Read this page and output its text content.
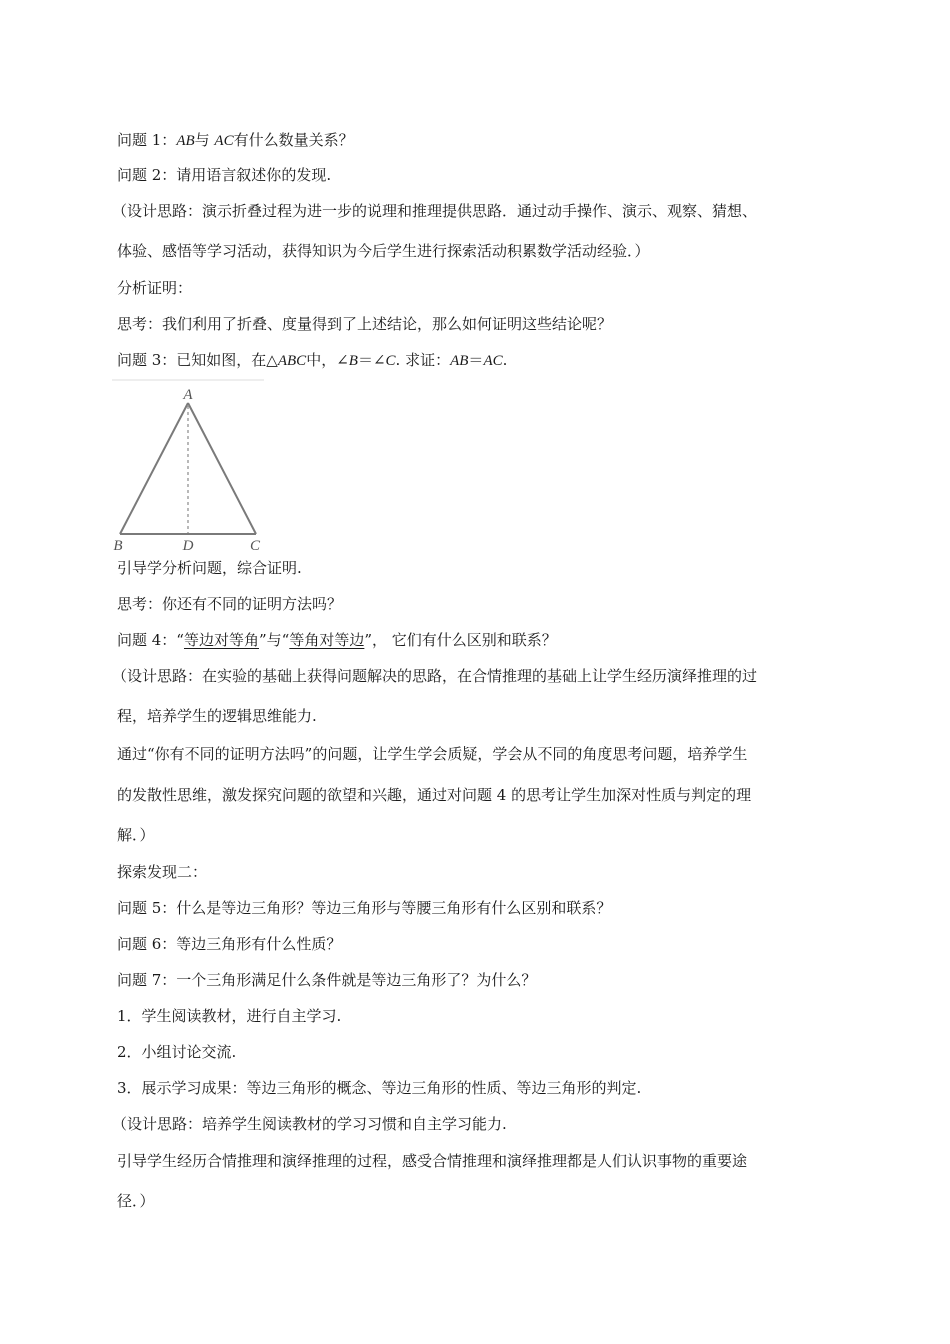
问题 1：AB与 AC有什么数量关系？
问题 2：请用语言叙述你的发现.
（设计思路：演示折叠过程为进一步的说理和推理提供思路．通过动手操作、演示、观察、猜想、
体验、感悟等学习活动，获得知识为今后学生进行探索活动积累数学活动经验．）
分析证明：
思考：我们利用了折叠、度量得到了上述结论，那么如何证明这些结论呢？
问题 3：已知如图，在△ABC中，∠B＝∠C. 求证：AB＝AC.
A
B	D	C
引导学分析问题，综合证明.
思考：你还有不同的证明方法吗？
问题 4：“等边对等角”与“等角对等边”， 它们有什么区别和联系？
（设计思路：在实验的基础上获得问题解决的思路，在合情推理的基础上让学生经历演绎推理的过
程，培养学生的逻辑思维能力.
通过“你有不同的证明方法吗”的问题，让学生学会质疑，学会从不同的角度思考问题，培养学生
的发散性思维，激发探究问题的欲望和兴趣，通过对问题 4 的思考让学生加深对性质与判定的理
解．）
探索发现二：
问题 5：什么是等边三角形？等边三角形与等腰三角形有什么区别和联系？
问题 6：等边三角形有什么性质？
问题 7：一个三角形满足什么条件就是等边三角形了？为什么？
1．学生阅读教材，进行自主学习.
2．小组讨论交流.
3．展示学习成果：等边三角形的概念、等边三角形的性质、等边三角形的判定.
（设计思路：培养学生阅读教材的学习习惯和自主学习能力.
引导学生经历合情推理和演绎推理的过程，感受合情推理和演绎推理都是人们认识事物的重要途
径．）
